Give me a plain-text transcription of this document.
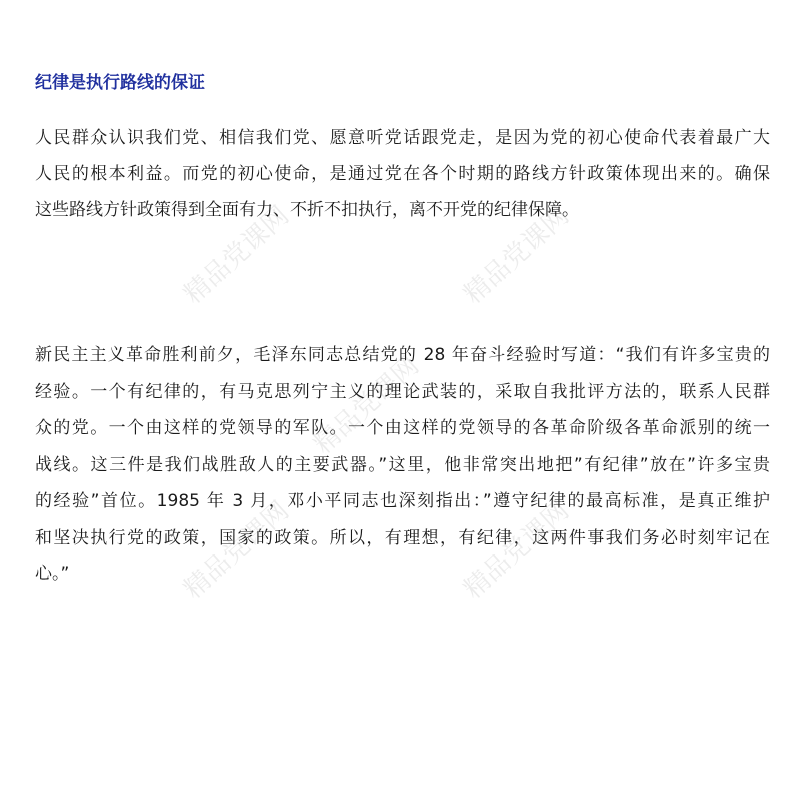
精品党课网	精品党课网
精品党课网
精品党课网	精品党课网
纪律是执行路线的保证
人民群众认识我们党、相信我们党、愿意听党话跟党走，是因为党的初心使命代表着最广大
人民的根本利益。而党的初心使命，是通过党在各个时期的路线方针政策体现出来的。确保
这些路线方针政策得到全面有力、不折不扣执行，离不开党的纪律保障。
新民主主义革命胜利前夕，毛泽东同志总结党的 28 年奋斗经验时写道：“我们有许多宝贵的
经验。一个有纪律的，有马克思列宁主义的理论武装的，采取自我批评方法的，联系人民群
众的党。一个由这样的党领导的军队。一个由这样的党领导的各革命阶级各革命派别的统一
战线。这三件是我们战胜敌人的主要武器。”这里，他非常突出地把”有纪律”放在”许多宝贵
的经验”首位。1985 年 3 月，邓小平同志也深刻指出：”遵守纪律的最高标准，是真正维护
和坚决执行党的政策，国家的政策。所以，有理想，有纪律，这两件事我们务必时刻牢记在
心。”
